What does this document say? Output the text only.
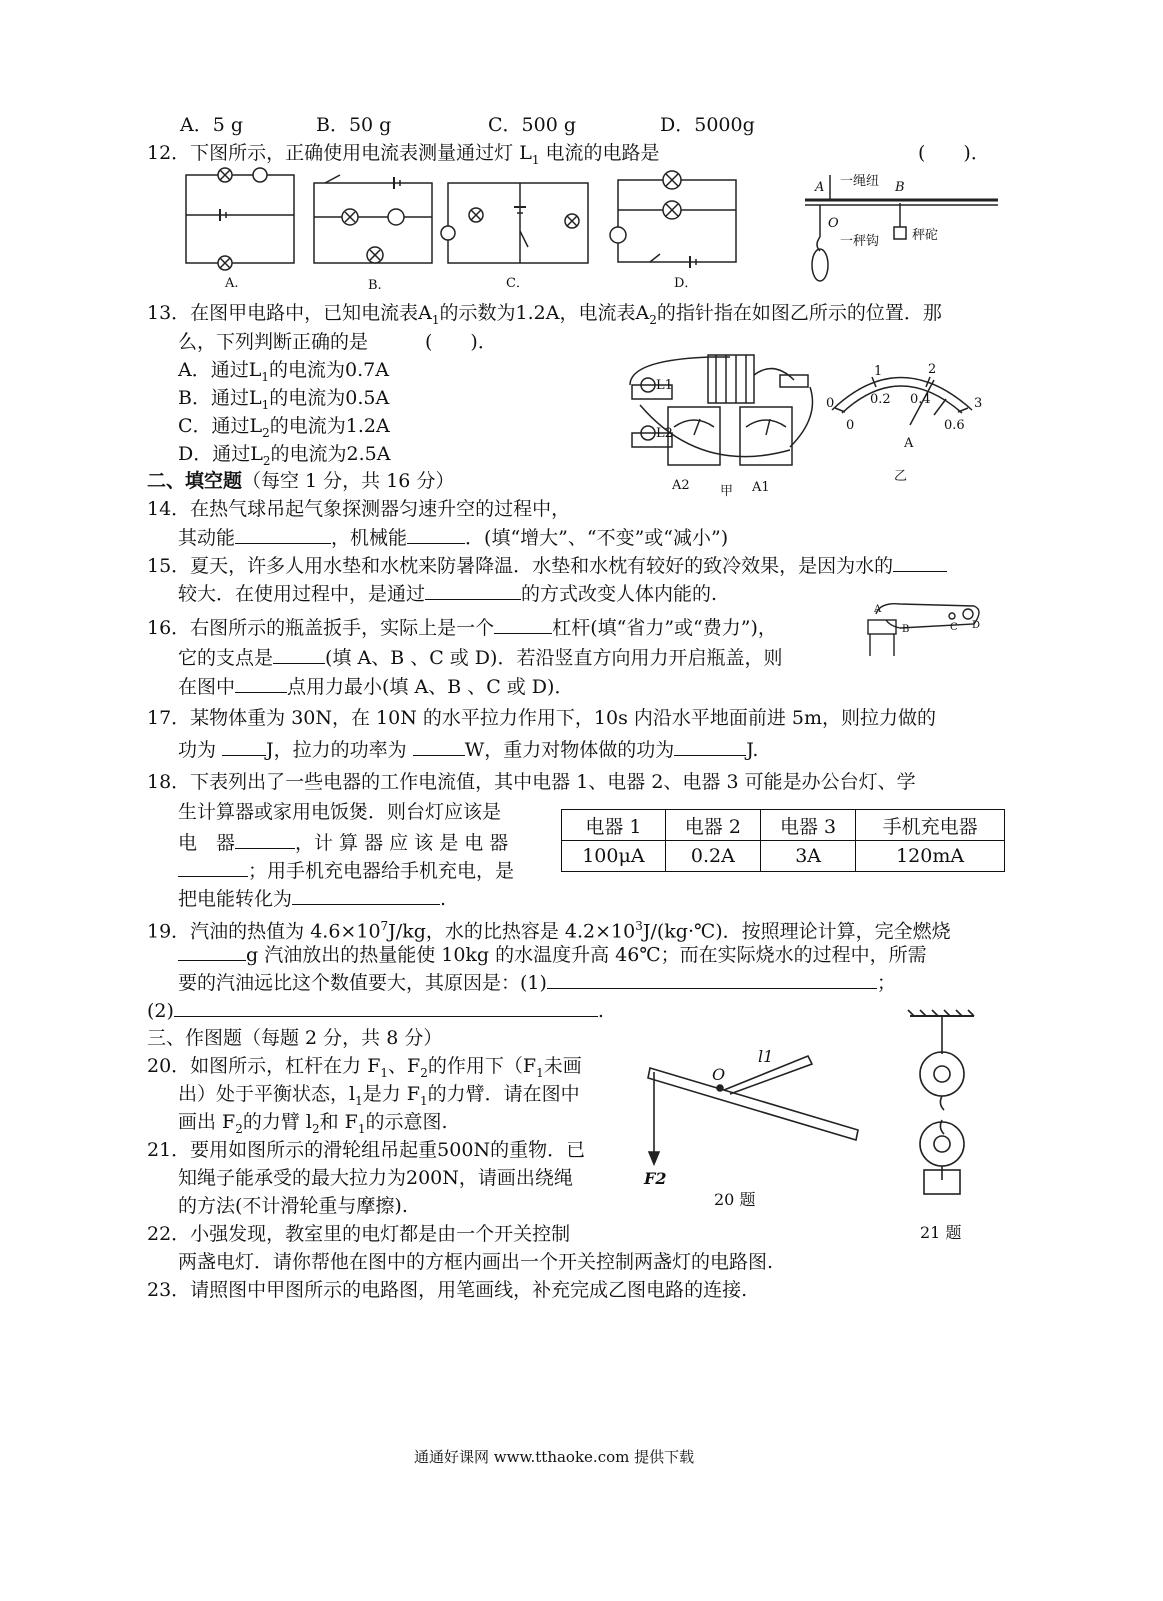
A．5 g	B．50 g	C．500 g	D．5000g
12．下图所示，正确使用电流表测量通过灯 $L_1$ 电流的电路是	(　　)．
A.	B.	C．	D．
一绳纽
一秤钩	秤砣
A	B
O
13．在图甲电路中，已知电流表$A_1$的示数为1.2A，电流表$A_2$的指针指在如图乙所示的位置．那
么，下列判断正确的是　　　(　　)．
A．通过$L_1$的电流为0.7A
B．通过$L_1$的电流为0.5A
C．通过$L_2$的电流为1.2A
D．通过$L_2$的电流为2.5A
L1
L2
A2	A1
甲
乙
A
0
1	2
3
0
0.2 0.4
0.6
二、填空题（每空 1 分，共 16 分）
14．在热气球吊起气象探测器匀速升空的过程中，
其动能	，机械能	．(填“增大”、“不变”或“减小”)
15．夏天，许多人用水垫和水枕来防暑降温．水垫和水枕有较好的致冷效果，是因为水的
较大．在使用过程中，是通过	的方式改变人体内能的.
16．右图所示的瓶盖扳手，实际上是一个	杠杆(填“省力”或“费力”)，
它的支点是	(填 A、B 、C 或 D)．若沿竖直方向用力开启瓶盖，则
在图中	点用力最小(填 A、B 、C 或 D)．
A
B	C D
17．某物体重为 30N，在 10N 的水平拉力作用下，10s 内沿水平地面前进 5m，则拉力做的
功为 J，拉力的功率为	W，重力对物体做的功为	J.
18．下表列出了一些电器的工作电流值，其中电器 1、电器 2、电器 3 可能是办公台灯、学
生计算器或家用电饭煲．则台灯应该是
电　器	，计 算 器 应 该 是 电 器
；用手机充电器给手机充电，是
把电能转化为	.
电器 1	电器 2	电器 3	手机充电器
100μA	0.2A	3A	120mA
19．汽油的热值为 $4.6\times 10^7J/kg$，水的比热容是 $4.2\times 10^3J/(kg\cdot℃)$．按照理论计算，完全燃烧
g 汽油放出的热量能使 10kg 的水温度升高 46℃；而在实际烧水的过程中，所需
要的汽油远比这个数值要大，其原因是：(1)	；
(2)	.
三、作图题（每题 2 分，共 8 分）
20．如图所示，杠杆在力 $F_1$、$F_2$的作用下（$F_1$未画
出）处于平衡状态，$l_1$是力 $F_1$的力臂．请在图中
画出 $F_2$的力臂 $l_2$和 $F_1$的示意图.
O
l1
F2
20 题
21．要用如图所示的滑轮组吊起重500N的重物．已
知绳子能承受的最大拉力为200N，请画出绕绳
的方法(不计滑轮重与摩擦).
21 题
22．小强发现，教室里的电灯都是由一个开关控制
两盏电灯．请你帮他在图中的方框内画出一个开关控制两盏灯的电路图.
23．请照图中甲图所示的电路图，用笔画线，补充完成乙图电路的连接.
通通好课网 www.tthaoke.com 提供下载
